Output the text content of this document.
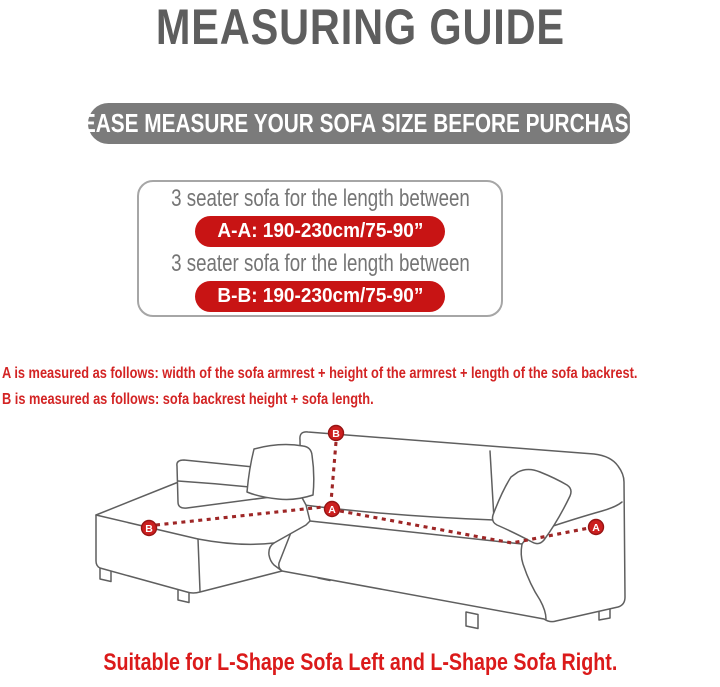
MEASURING GUIDE
PLEASE MEASURE YOUR SOFA SIZE BEFORE PURCHASING
3 seater sofa for the length between
A-A: 190-230cm/75-90”
3 seater sofa for the length between
B-B: 190-230cm/75-90”
A is measured as follows: width of the sofa armrest + height of the armrest + length of the sofa backrest.
B is measured as follows: sofa backrest height + sofa length.
B
B
A
A
Suitable for L-Shape Sofa Left and L-Shape Sofa Right.
